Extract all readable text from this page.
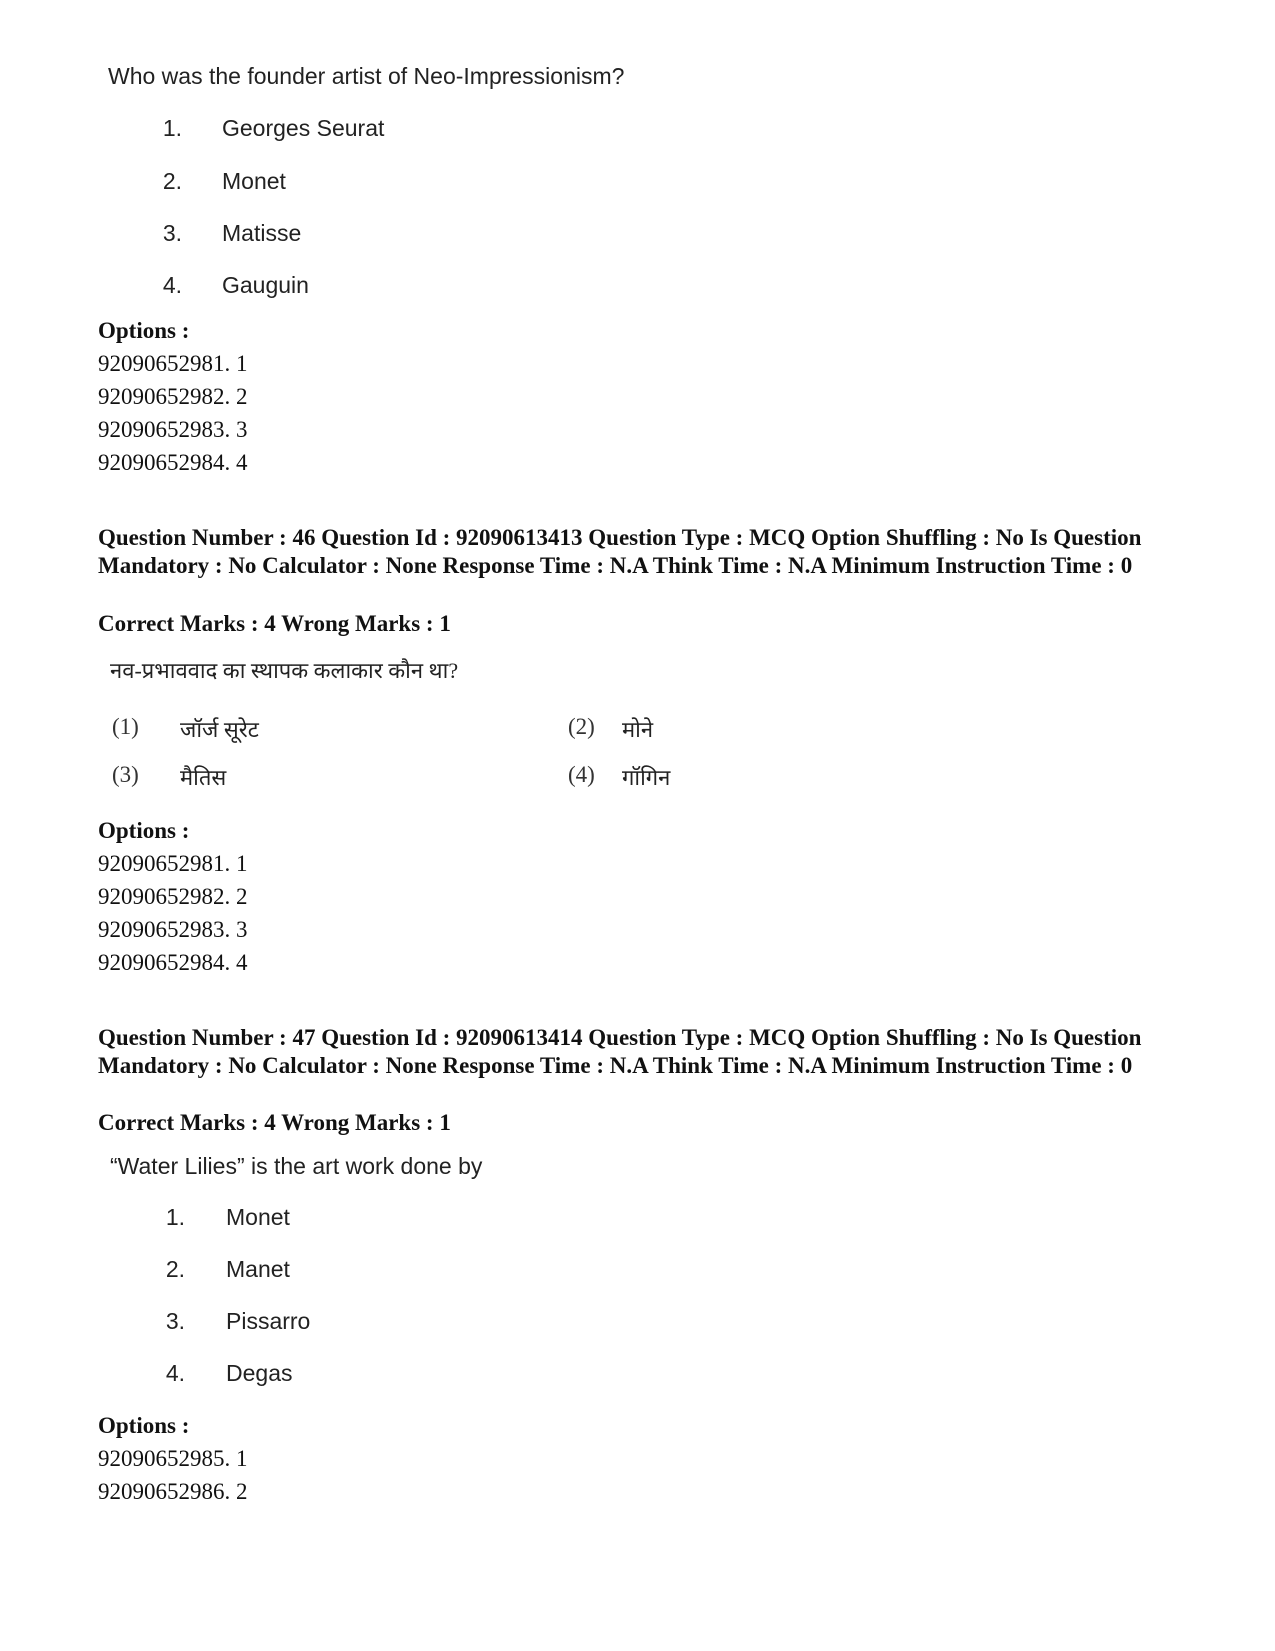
Who was the founder artist of Neo-Impressionism?
1. Georges Seurat
2. Monet
3. Matisse
4. Gauguin
Options :
92090652981. 1
92090652982. 2
92090652983. 3
92090652984. 4
Question Number : 46 Question Id : 92090613413 Question Type : MCQ Option Shuffling : No Is Question Mandatory : No Calculator : None Response Time : N.A Think Time : N.A Minimum Instruction Time : 0
Correct Marks : 4 Wrong Marks : 1
नव-प्रभाववाद का स्थापक कलाकार कौन था?
(1) जॉर्ज सूरेट	(2) मोने
(3) मैतिस	(4) गॉगिन
Options :
92090652981. 1
92090652982. 2
92090652983. 3
92090652984. 4
Question Number : 47 Question Id : 92090613414 Question Type : MCQ Option Shuffling : No Is Question Mandatory : No Calculator : None Response Time : N.A Think Time : N.A Minimum Instruction Time : 0
Correct Marks : 4 Wrong Marks : 1
“Water Lilies” is the art work done by
1. Monet
2. Manet
3. Pissarro
4. Degas
Options :
92090652985. 1
92090652986. 2
